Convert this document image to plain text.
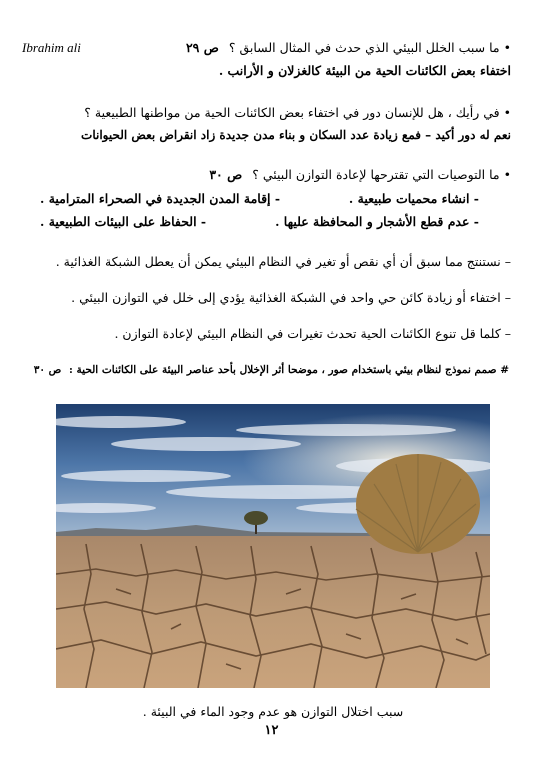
Ibrahim ali	• ما سبب الخلل البيئي الذي حدث في المثال السابق ؟ ص ٢٩
اختفاء بعض الكائنات الحية من البيئة كالغزلان و الأرانب .
• في رأيك ، هل للإنسان دور في اختفاء بعض الكائنات الحية من مواطنها الطبيعية ؟
نعم له دور أكيد – فمع زيادة عدد السكان و بناء مدن جديدة زاد انقراض بعض الحيوانات
• ما التوصيات التي تقترحها لإعادة التوازن البيئي ؟ ص ٣٠
- انشاء محميات طبيعية .
- إقامة المدن الجديدة في الصحراء المترامية .
- عدم قطع الأشجار و المحافظة عليها .
- الحفاظ على البيئات الطبيعية .
– نستنتج مما سبق أن أي نقص أو تغير في النظام البيئي يمكن أن يعطل الشبكة الغذائية .
– اختفاء أو زيادة كائن حي واحد في الشبكة الغذائية يؤدي إلى خلل في التوازن البيئي .
– كلما قل تنوع الكائنات الحية تحدث تغيرات في النظام البيئي لإعادة التوازن .
# صمم نموذج لنظام بيئي باستخدام صور ، موضحا أثر الإخلال بأحد عناصر البيئة على الكائنات الحية : ص ٣٠
سبب اختلال التوازن هو عدم وجود الماء في البيئة .
١٢
